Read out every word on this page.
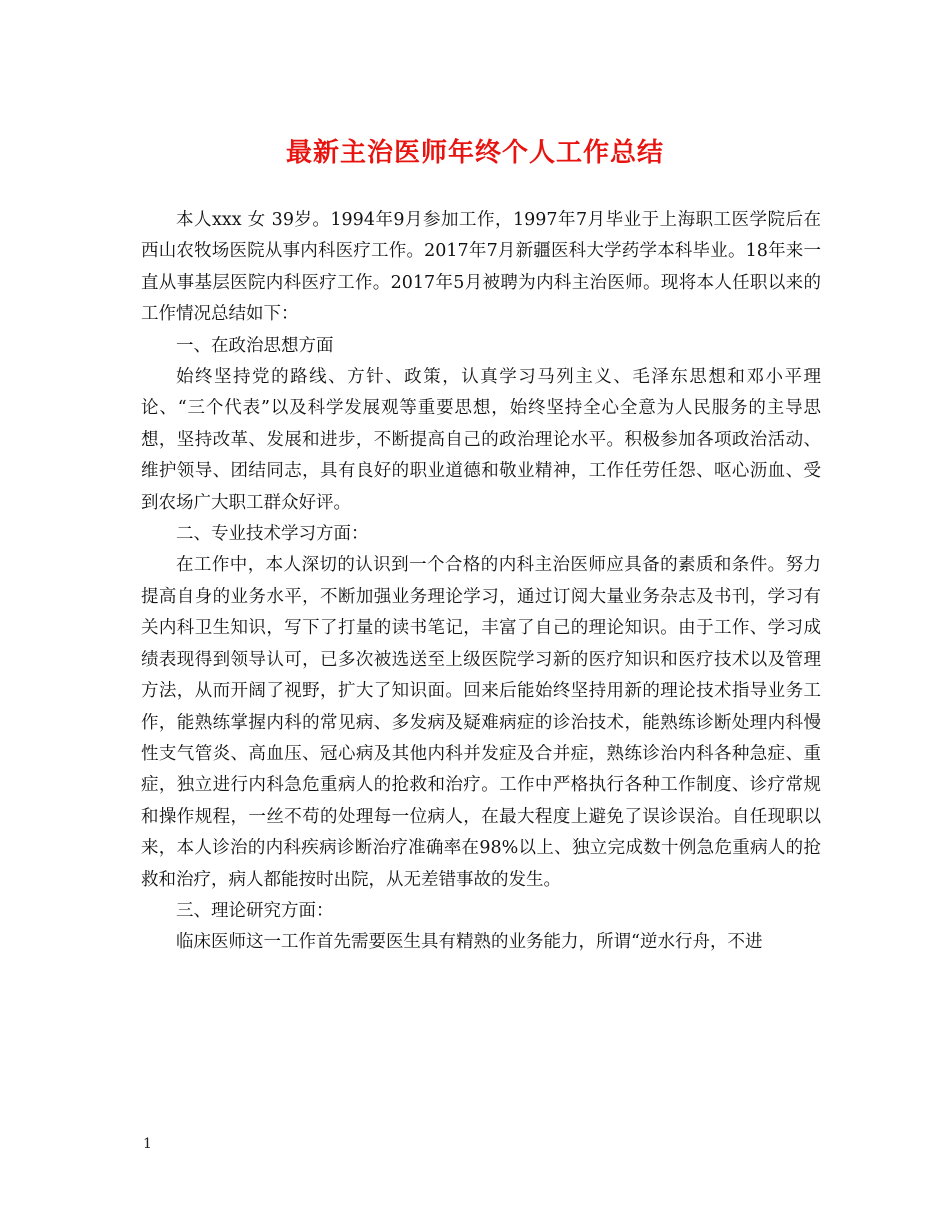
最新主治医师年终个人工作总结

本人xxx 女 39岁。1994年9月参加工作，1997年7月毕业于上海职工医学院后在西山农牧场医院从事内科医疗工作。2017年7月新疆医科大学药学本科毕业。18年来一直从事基层医院内科医疗工作。2017年5月被聘为内科主治医师。现将本人任职以来的工作情况总结如下：

一、在政治思想方面

始终坚持党的路线、方针、政策，认真学习马列主义、毛泽东思想和邓小平理论、“三个代表”以及科学发展观等重要思想，始终坚持全心全意为人民服务的主导思想，坚持改革、发展和进步，不断提高自己的政治理论水平。积极参加各项政治活动、维护领导、团结同志，具有良好的职业道德和敬业精神，工作任劳任怨、呕心沥血、受到农场广大职工群众好评。

二、专业技术学习方面：

在工作中，本人深切的认识到一个合格的内科主治医师应具备的素质和条件。努力提高自身的业务水平，不断加强业务理论学习，通过订阅大量业务杂志及书刊，学习有关内科卫生知识，写下了打量的读书笔记，丰富了自己的理论知识。由于工作、学习成绩表现得到领导认可，已多次被选送至上级医院学习新的医疗知识和医疗技术以及管理方法，从而开阔了视野，扩大了知识面。回来后能始终坚持用新的理论技术指导业务工作，能熟练掌握内科的常见病、多发病及疑难病症的诊治技术，能熟练诊断处理内科慢性支气管炎、高血压、冠心病及其他内科并发症及合并症，熟练诊治内科各种急症、重症，独立进行内科急危重病人的抢救和治疗。工作中严格执行各种工作制度、诊疗常规和操作规程，一丝不苟的处理每一位病人，在最大程度上避免了误诊误治。自任现职以来，本人诊治的内科疾病诊断治疗准确率在98%以上、独立完成数十例急危重病人的抢救和治疗，病人都能按时出院，从无差错事故的发生。

三、理论研究方面：

临床医师这一工作首先需要医生具有精熟的业务能力，所谓“逆水行舟，不进

1
